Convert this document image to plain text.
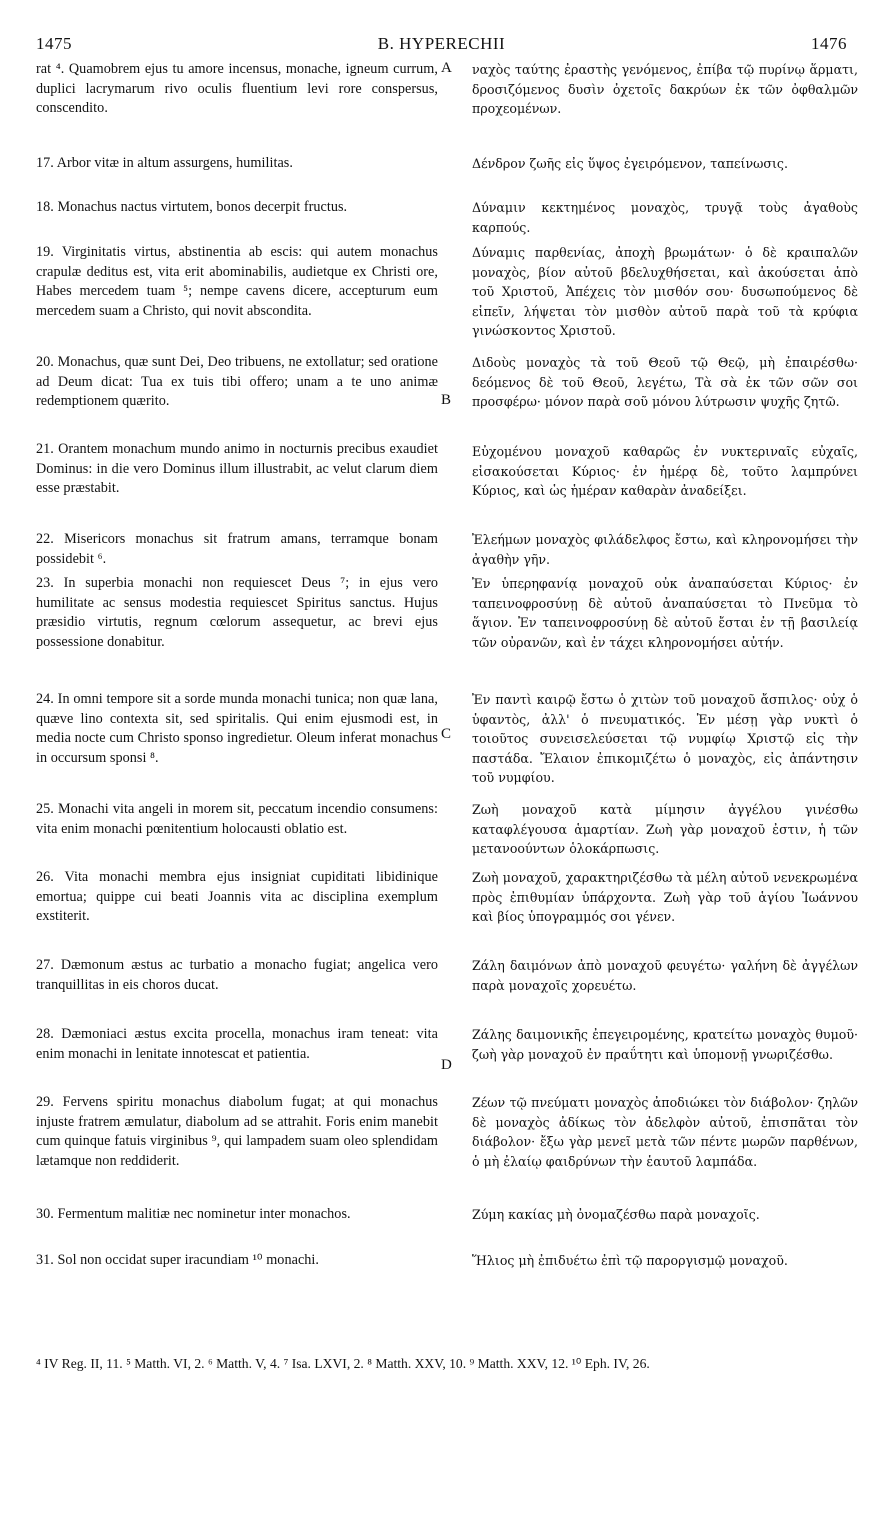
1475	B. HYPERECHII	1476
A
B
C
D
rat ⁴. Quamobrem ejus tu amore incensus, monache, igneum currum, duplici lacrymarum rivo oculis fluentium levi rore conspersus, conscendito.
17. Arbor vitæ in altum assurgens, humilitas.
18. Monachus nactus virtutem, bonos decerpit fructus.
19. Virginitatis virtus, abstinentia ab escis: qui autem monachus crapulæ deditus est, vita erit abominabilis, audietque ex Christi ore, Habes mercedem tuam ⁵; nempe cavens dicere, accepturum eum mercedem suam a Christo, qui novit abscondita.
20. Monachus, quæ sunt Dei, Deo tribuens, ne extollatur; sed oratione ad Deum dicat: Tua ex tuis tibi offero; unam a te uno animæ redemptionem quærito.
21. Orantem monachum mundo animo in nocturnis precibus exaudiet Dominus: in die vero Dominus illum illustrabit, ac velut clarum diem esse præstabit.
22. Misericors monachus sit fratrum amans, terramque bonam possidebit ⁶.
23. In superbia monachi non requiescet Deus ⁷; in ejus vero humilitate ac sensus modestia requiescet Spiritus sanctus. Hujus præsidio virtutis, regnum cœlorum assequetur, ac brevi ejus possessione donabitur.
24. In omni tempore sit a sorde munda monachi tunica; non quæ lana, quæve lino contexta sit, sed spiritalis. Qui enim ejusmodi est, in media nocte cum Christo sponso ingredietur. Oleum inferat monachus in occursum sponsi ⁸.
25. Monachi vita angeli in morem sit, peccatum incendio consumens: vita enim monachi pœnitentium holocausti oblatio est.
26. Vita monachi membra ejus insigniat cupiditati libidinique emortua; quippe cui beati Joannis vita ac disciplina exemplum exstiterit.
27. Dæmonum æstus ac turbatio a monacho fugiat; angelica vero tranquillitas in eis choros ducat.
28. Dæmoniaci æstus excita procella, monachus iram teneat: vita enim monachi in lenitate innotescat et patientia.
29. Fervens spiritu monachus diabolum fugat; at qui monachus injuste fratrem æmulatur, diabolum ad se attrahit. Foris enim manebit cum quinque fatuis virginibus ⁹, qui lampadem suam oleo splendidam lætamque non reddiderit.
30. Fermentum malitiæ nec nominetur inter monachos.
31. Sol non occidat super iracundiam ¹⁰ monachi.
ναχὸς ταύτης ἐραστὴς γενόμενος, ἐπίβα τῷ πυρίνῳ ἅρματι, δροσιζόμενος δυσὶν ὀχετοῖς δακρύων ἐκ τῶν ὀφθαλμῶν προχεομένων.
Δένδρον ζωῆς εἰς ὕψος ἐγειρόμενον, ταπείνωσις.
Δύναμιν κεκτημένος μοναχὸς, τρυγᾷ τοὺς ἀγαθοὺς καρπούς.
Δύναμις παρθενίας, ἀποχὴ βρωμάτων· ὁ δὲ κραιπαλῶν μοναχὸς, βίον αὐτοῦ βδελυχθήσεται, καὶ ἀκούσεται ἀπὸ τοῦ Χριστοῦ, Ἀπέχεις τὸν μισθόν σου· δυσωπούμενος δὲ εἰπεῖν, λήψεται τὸν μισθὸν αὐτοῦ παρὰ τοῦ τὰ κρύφια γινώσκοντος Χριστοῦ.
Διδοὺς μοναχὸς τὰ τοῦ Θεοῦ τῷ Θεῷ, μὴ ἐπαιρέσθω· δεόμενος δὲ τοῦ Θεοῦ, λεγέτω, Τὰ σὰ ἐκ τῶν σῶν σοι προσφέρω· μόνον παρὰ σοῦ μόνου λύτρωσιν ψυχῆς ζητῶ.
Εὐχομένου μοναχοῦ καθαρῶς ἐν νυκτεριναῖς εὐχαῖς, εἰσακούσεται Κύριος· ἐν ἡμέρᾳ δὲ, τοῦτο λαμπρύνει Κύριος, καὶ ὡς ἡμέραν καθαρὰν ἀναδείξει.
Ἐλεήμων μοναχὸς φιλάδελφος ἔστω, καὶ κληρονομήσει τὴν ἀγαθὴν γῆν.
Ἐν ὑπερηφανίᾳ μοναχοῦ οὐκ ἀναπαύσεται Κύριος· ἐν ταπεινοφροσύνῃ δὲ αὐτοῦ ἀναπαύσεται τὸ Πνεῦμα τὸ ἅγιον. Ἐν ταπεινοφροσύνῃ δὲ αὐτοῦ ἔσται ἐν τῇ βασιλείᾳ τῶν οὐρανῶν, καὶ ἐν τάχει κληρονομήσει αὐτήν.
Ἐν παντὶ καιρῷ ἔστω ὁ χιτὼν τοῦ μοναχοῦ ἄσπιλος· οὐχ ὁ ὑφαντὸς, ἀλλ' ὁ πνευματικός. Ἐν μέσῃ γὰρ νυκτὶ ὁ τοιοῦτος συνεισελεύσεται τῷ νυμφίῳ Χριστῷ εἰς τὴν παστάδα. Ἔλαιον ἐπικομιζέτω ὁ μοναχὸς, εἰς ἀπάντησιν τοῦ νυμφίου.
Ζωὴ μοναχοῦ κατὰ μίμησιν ἀγγέλου γινέσθω καταφλέγουσα ἁμαρτίαν. Ζωὴ γὰρ μοναχοῦ ἐστιν, ἡ τῶν μετανοούντων ὁλοκάρπωσις.
Ζωὴ μοναχοῦ, χαρακτηριζέσθω τὰ μέλη αὐτοῦ νενεκρωμένα πρὸς ἐπιθυμίαν ὑπάρχοντα. Ζωὴ γὰρ τοῦ ἁγίου Ἰωάννου καὶ βίος ὑπογραμμός σοι γένεν.
Ζάλη δαιμόνων ἀπὸ μοναχοῦ φευγέτω· γαλήνη δὲ ἀγγέλων παρὰ μοναχοῖς χορευέτω.
Ζάλης δαιμονικῆς ἐπεγειρομένης, κρατείτω μοναχὸς θυμοῦ· ζωὴ γὰρ μοναχοῦ ἐν πραΰτητι καὶ ὑπομονῇ γνωριζέσθω.
Ζέων τῷ πνεύματι μοναχὸς ἀποδιώκει τὸν διάβολον· ζηλῶν δὲ μοναχὸς ἀδίκως τὸν ἀδελφὸν αὐτοῦ, ἐπισπᾶται τὸν διάβολον· ἔξω γὰρ μενεῖ μετὰ τῶν πέντε μωρῶν παρθένων, ὁ μὴ ἐλαίῳ φαιδρύνων τὴν ἑαυτοῦ λαμπάδα.
Ζύμη κακίας μὴ ὀνομαζέσθω παρὰ μοναχοῖς.
Ἥλιος μὴ ἐπιδυέτω ἐπὶ τῷ παροργισμῷ μοναχοῦ.
⁴ IV Reg. II, 11. ⁵ Matth. VI, 2. ⁶ Matth. V, 4. ⁷ Isa. LXVI, 2. ⁸ Matth. XXV, 10. ⁹ Matth. XXV, 12. ¹⁰ Eph. IV, 26.
